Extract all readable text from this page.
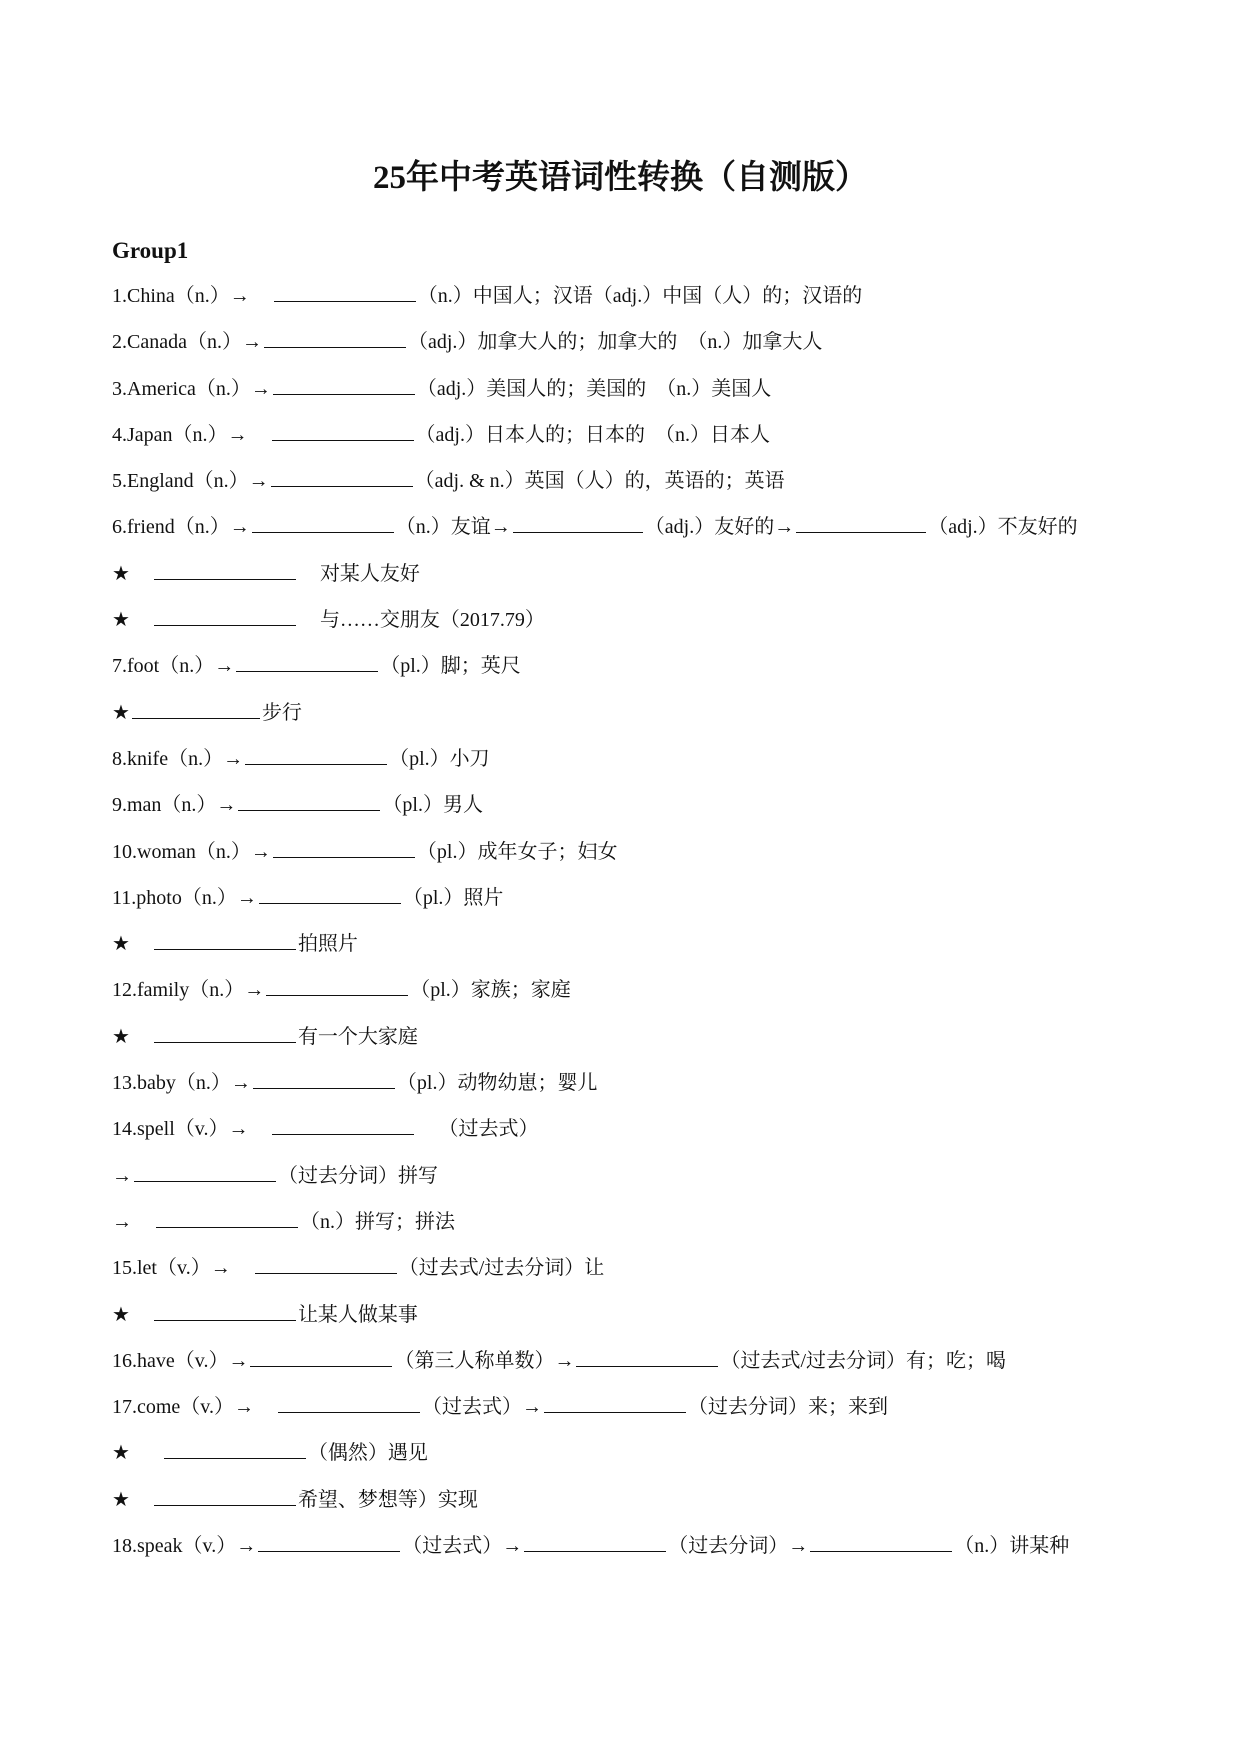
25年中考英语词性转换（自测版）
Group1
1.China（n.）→	（n.）中国人；汉语（adj.）中国（人）的；汉语的
2.Canada（n.）→	（adj.）加拿大人的；加拿大的　（n.）加拿大人
3.America（n.）→	（adj.）美国人的；美国的　（n.）美国人
4.Japan（n.）→	（adj.）日本人的；日本的　（n.）日本人
5.England（n.）→	（adj. & n.）英国（人）的，英语的；英语
6.friend（n.）→	（n.）友谊→	（adj.）友好的→	（adj.）不友好的
★	对某人友好
★	与……交朋友（2017.79）
7.foot（n.）→	（pl.）脚；英尺
★	步行
8.knife（n.）→	（pl.）小刀
9.man（n.）→	（pl.）男人
10.woman（n.）→	（pl.）成年女子；妇女
11.photo（n.）→	（pl.）照片
★	拍照片
12.family（n.）→	（pl.）家族；家庭
★	有一个大家庭
13.baby（n.）→	（pl.）动物幼崽；婴儿
14.spell（v.）→	（过去式）
→	（过去分词）拼写
→	（n.）拼写；拼法
15.let（v.）→	（过去式/过去分词）让
★	让某人做某事
16.have（v.）→	（第三人称单数）→	（过去式/过去分词）有；吃；喝
17.come（v.）→	（过去式）→	（过去分词）来；来到
★	（偶然）遇见
★	希望、梦想等）实现
18.speak（v.）→	（过去式）→	（过去分词）→	（n.）讲某种
